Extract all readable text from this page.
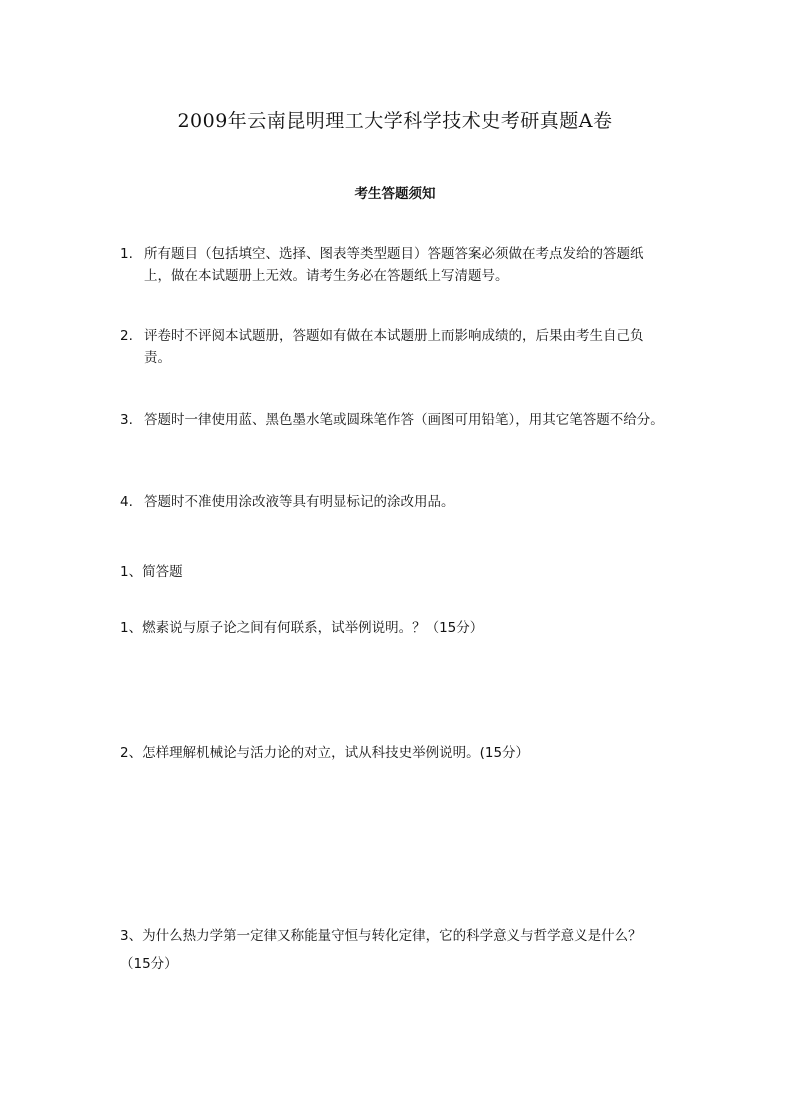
2009年云南昆明理工大学科学技术史考研真题A卷
考生答题须知
1. 所有题目（包括填空、选择、图表等类型题目）答题答案必须做在考点发给的答题纸
上，做在本试题册上无效。请考生务必在答题纸上写清题号。
2. 评卷时不评阅本试题册，答题如有做在本试题册上而影响成绩的，后果由考生自己负
责。
3. 答题时一律使用蓝、黑色墨水笔或圆珠笔作答（画图可用铅笔），用其它笔答题不给分。
4. 答题时不准使用涂改液等具有明显标记的涂改用品。
1、简答题
1、燃素说与原子论之间有何联系，试举例说明。？（15分）
2、怎样理解机械论与活力论的对立，试从科技史举例说明。(15分）
3、为什么热力学第一定律又称能量守恒与转化定律，它的科学意义与哲学意义是什么？
（15分）
